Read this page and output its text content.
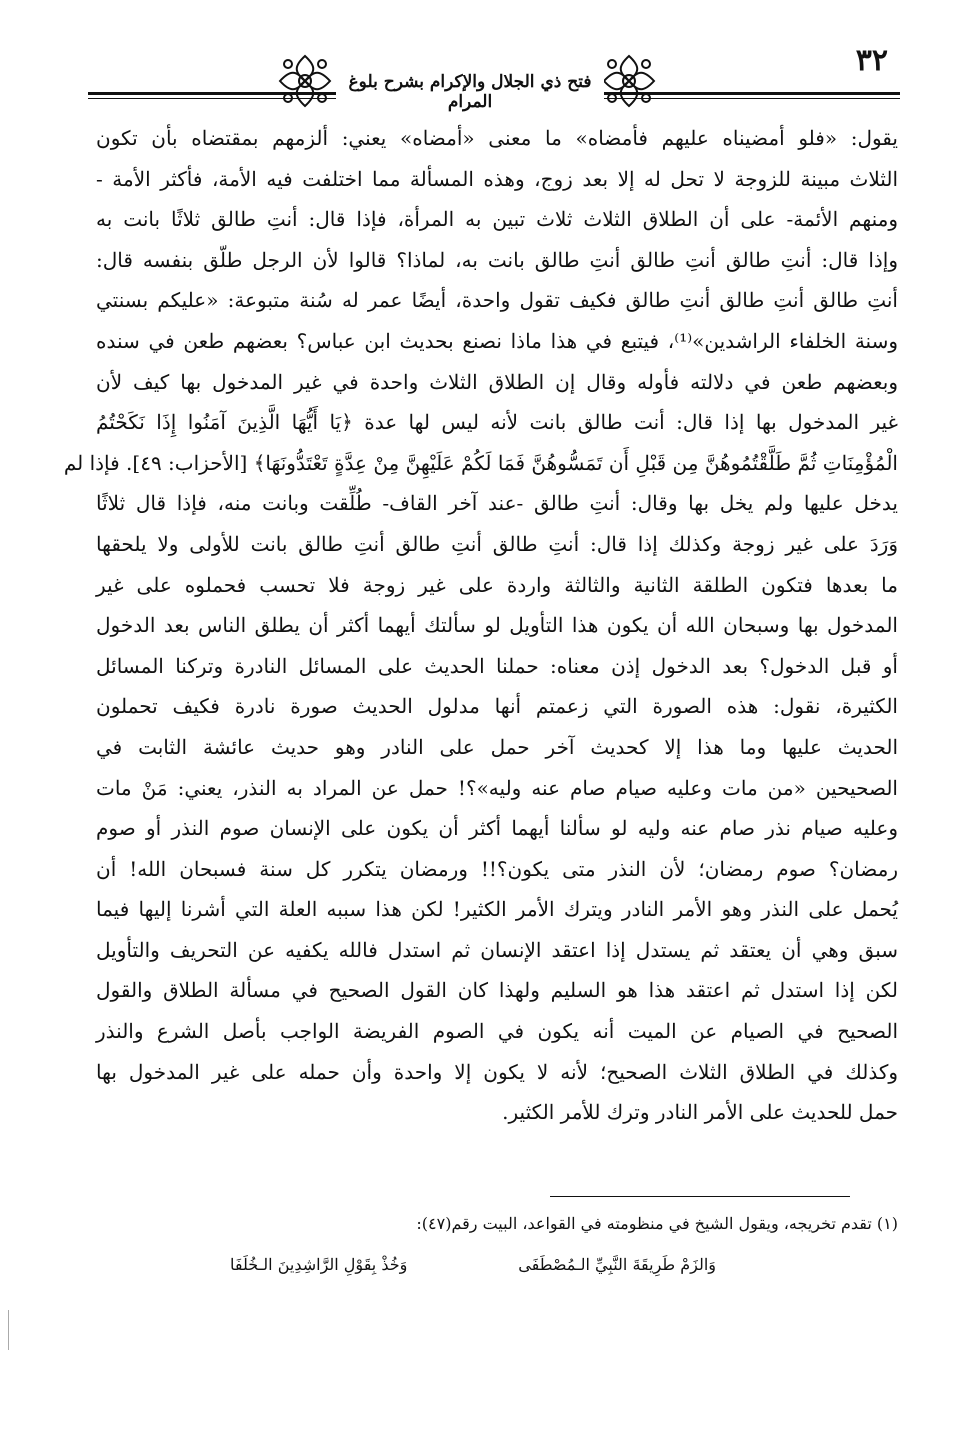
٣٢
فتح ذي الجلال والإكرام بشرح بلوغ المرام
يقول: «فلو أمضيناه عليهم فأمضاه» ما معنى «أمضاه» يعني: ألزمهم بمقتضاه بأن تكون
الثلاث مبينة للزوجة لا تحل له إلا بعد زوج، وهذه المسألة مما اختلفت فيه الأمة، فأكثر الأمة -
ومنهم الأئمة- على أن الطلاق الثلاث ثلاث تبين به المرأة، فإذا قال: أنتِ طالق ثلاثًا بانت به
وإذا قال: أنتِ طالق أنتِ طالق أنتِ طالق بانت به، لماذا؟ قالوا لأن الرجل طلّق بنفسه قال:
أنتِ طالق أنتِ طالق أنتِ طالق فكيف تقول واحدة، أيضًا عمر له سُنة متبوعة: «عليكم بسنتي
وسنة الخلفاء الراشدين»⁽¹⁾، فيتبع في هذا ماذا نصنع بحديث ابن عباس؟ بعضهم طعن في سنده
وبعضهم طعن في دلالته فأوله وقال إن الطلاق الثلاث واحدة في غير المدخول بها كيف لأن
غير المدخول بها إذا قال: أنت طالق بانت لأنه ليس لها عدة ﴿يَا أَيُّهَا الَّذِينَ آمَنُوا إِذَا نَكَحْتُمُ
الْمُؤْمِنَاتِ ثُمَّ طَلَّقْتُمُوهُنَّ مِن قَبْلِ أَن تَمَسُّوهُنَّ فَمَا لَكُمْ عَلَيْهِنَّ مِنْ عِدَّةٍ تَعْتَدُّونَهَا﴾ [الأحزاب: ٤٩]. فإذا لم
يدخل عليها ولم يخل بها وقال: أنتِ طالق -عند آخر القاف- طُلِّقت وبانت منه، فإذا قال ثلاثًا
وَرَدَ على غير زوجة وكذلك إذا قال: أنتِ طالق أنتِ طالق أنتِ طالق بانت للأولى ولا يلحقها
ما بعدها فتكون الطلقة الثانية والثالثة واردة على غير زوجة فلا تحسب فحملوه على غير
المدخول بها وسبحان الله أن يكون هذا التأويل لو سألتك أيهما أكثر أن يطلق الناس بعد الدخول
أو قبل الدخول؟ بعد الدخول إذن معناه: حملنا الحديث على المسائل النادرة وتركنا المسائل
الكثيرة، نقول: هذه الصورة التي زعمتم أنها مدلول الحديث صورة نادرة فكيف تحملون
الحديث عليها وما هذا إلا كحديث آخر حمل على النادر وهو حديث عائشة الثابت في
الصحيحين «من مات وعليه صيام صام عنه وليه»؟! حمل عن المراد به النذر، يعني: مَنْ مات
وعليه صيام نذر صام عنه وليه لو سألنا أيهما أكثر أن يكون على الإنسان صوم النذر أو صوم
رمضان؟ صوم رمضان؛ لأن النذر متى يكون؟!! ورمضان يتكرر كل سنة فسبحان الله! أن
يُحمل على النذر وهو الأمر النادر ويترك الأمر الكثير! لكن هذا سببه العلة التي أشرنا إليها فيما
سبق وهي أن يعتقد ثم يستدل إذا اعتقد الإنسان ثم استدل فالله يكفيه عن التحريف والتأويل
لكن إذا استدل ثم اعتقد هذا هو السليم ولهذا كان القول الصحيح في مسألة الطلاق والقول
الصحيح في الصيام عن الميت أنه يكون في الصوم الفريضة الواجب بأصل الشرع والنذر
وكذلك في الطلاق الثلاث الصحيح؛ لأنه لا يكون إلا واحدة وأن حمله على غير المدخول بها
حمل للحديث على الأمر النادر وترك للأمر الكثير.
(١) تقدم تخريجه، ويقول الشيخ في منظومته في القواعد، البيت رقم(٤٧):
وَالزَمْ طَرِيقَةَ النَّبِيِّ الـمُصْطَفَى
وَخُذْ بِقَوْلِ الرَّاشِدِينَ الـخُلَفَا
